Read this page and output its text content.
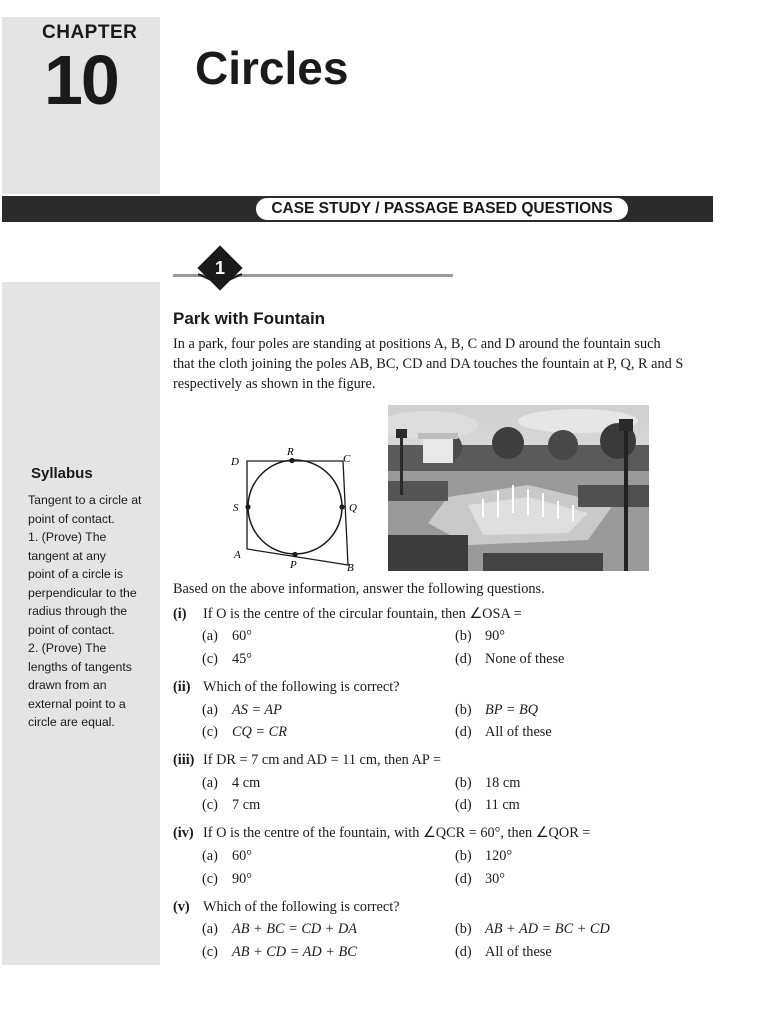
CHAPTER
10 Circles
CASE STUDY / PASSAGE BASED QUESTIONS
Syllabus
Tangent to a circle at
point of contact.
1. (Prove) The
tangent at any
point of a circle is
perpendicular to the
radius through the
point of contact.
2. (Prove) The
lengths of tangents
drawn from an
external point to a
circle are equal.
1
Park with Fountain
In a park, four poles are standing at positions A, B, C and D around the fountain such
that the cloth joining the poles AB, BC, CD and DA touches the fountain at P, Q, R and S
respectively as shown in the figure.
D
R
C
S	Q
A
P	B
Based on the above information, answer the following questions.
(i) If O is the centre of the circular fountain, then ∠OSA =
(a) 60°	(b) 90°
(c) 45°	(d) None of these
(ii) Which of the following is correct?
(a) AS = AP	(b) BP = BQ
(c) CQ = CR	(d) All of these
(iii) If DR = 7 cm and AD = 11 cm, then AP =
(a) 4 cm	(b) 18 cm
(c) 7 cm	(d) 11 cm
(iv) If O is the centre of the fountain, with ∠QCR = 60°, then ∠QOR =
(a) 60°	(b) 120°
(c) 90°	(d) 30°
(v) Which of the following is correct?
(a) AB + BC = CD + DA	(b) AB + AD = BC + CD
(c) AB + CD = AD + BC	(d) All of these
